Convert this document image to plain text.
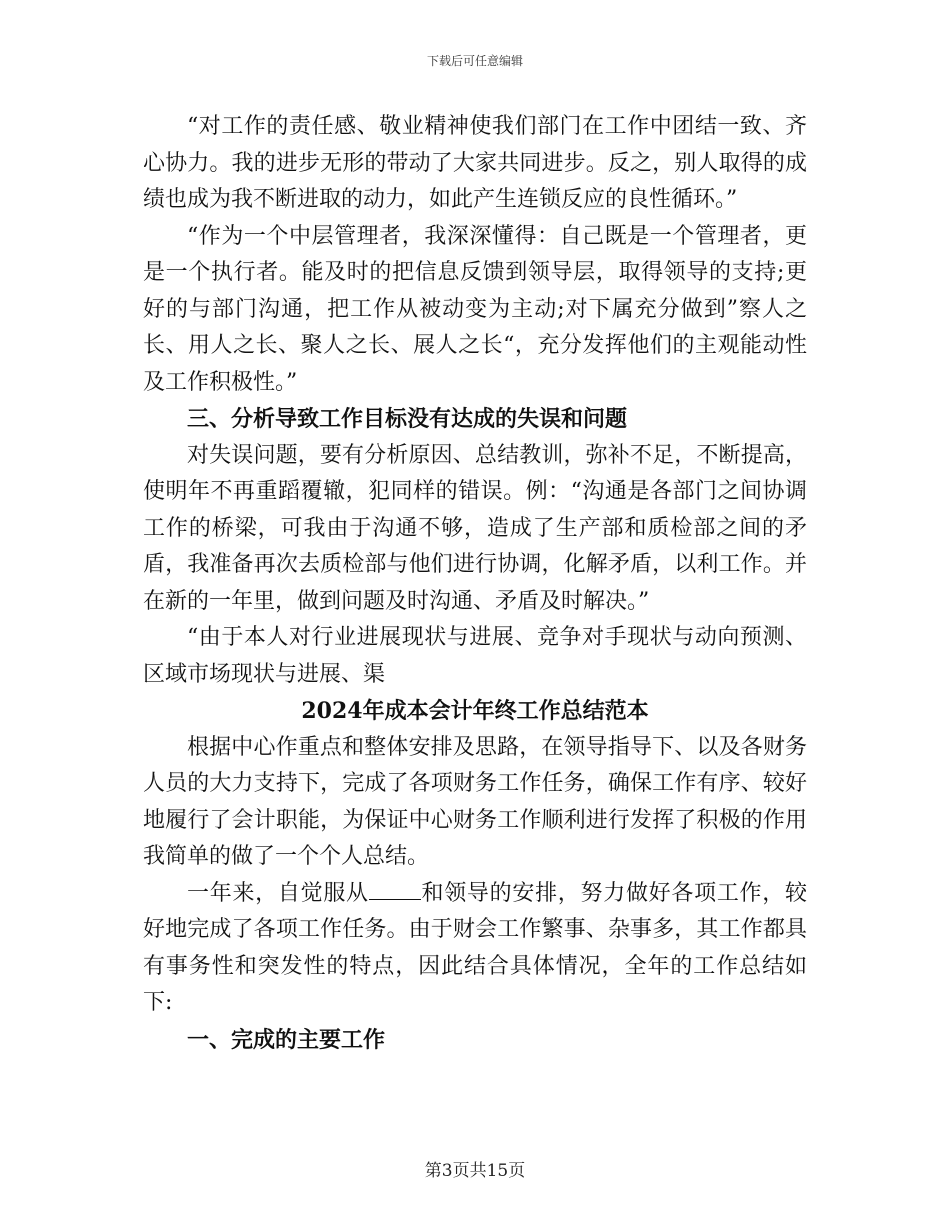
下载后可任意编辑

“对工作的责任感、敬业精神使我们部门在工作中团结一致、齐心协力。我的进步无形的带动了大家共同进步。反之，别人取得的成绩也成为我不断进取的动力，如此产生连锁反应的良性循环。”

“作为一个中层管理者，我深深懂得：自己既是一个管理者，更是一个执行者。能及时的把信息反馈到领导层，取得领导的支持;更好的与部门沟通，把工作从被动变为主动;对下属充分做到”察人之长、用人之长、聚人之长、展人之长“，充分发挥他们的主观能动性及工作积极性。”

三、分析导致工作目标没有达成的失误和问题

对失误问题，要有分析原因、总结教训，弥补不足，不断提高，使明年不再重蹈覆辙，犯同样的错误。例：“沟通是各部门之间协调工作的桥梁，可我由于沟通不够，造成了生产部和质检部之间的矛盾，我准备再次去质检部与他们进行协调，化解矛盾，以利工作。并在新的一年里，做到问题及时沟通、矛盾及时解决。”

“由于本人对行业进展现状与进展、竞争对手现状与动向预测、区域市场现状与进展、渠

2024年成本会计年终工作总结范本

根据中心作重点和整体安排及思路，在领导指导下、以及各财务人员的大力支持下，完成了各项财务工作任务，确保工作有序、较好地履行了会计职能，为保证中心财务工作顺利进行发挥了积极的作用我简单的做了一个个人总结。

一年来，自觉服从 和领导的安排，努力做好各项工作，较好地完成了各项工作任务。由于财会工作繁事、杂事多，其工作都具有事务性和突发性的特点，因此结合具体情况，全年的工作总结如下:

一、完成的主要工作

第3页共15页
